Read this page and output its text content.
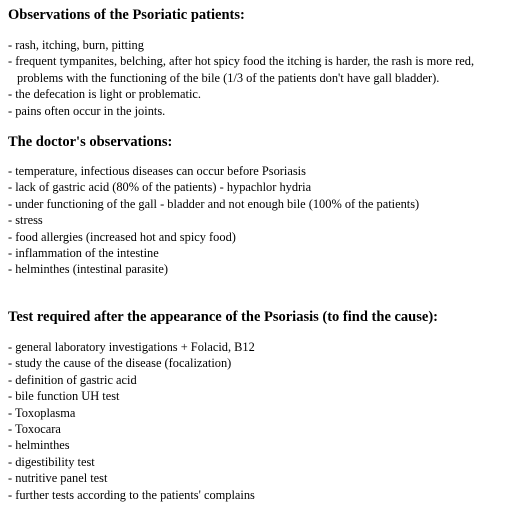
Observations of the Psoriatic patients:
- rash, itching, burn, pitting
- frequent tympanites, belching, after hot spicy food the itching is harder, the rash is more red,
problems with the functioning of the bile (1/3 of the patients don't have gall bladder).
- the defecation is light or problematic.
- pains often occur in the joints.
The doctor's observations:
- temperature, infectious diseases can occur before Psoriasis
- lack of gastric acid (80% of the patients) - hypachlor hydria
- under functioning of the gall - bladder and not enough bile (100% of the patients)
- stress
- food allergies (increased hot and spicy food)
- inflammation of the intestine
- helminthes (intestinal parasite)
Test required after the appearance of the Psoriasis (to find the cause):
- general laboratory investigations + Folacid, B12
- study the cause of the disease (focalization)
- definition of gastric acid
- bile function UH test
- Toxoplasma
- Toxocara
- helminthes
- digestibility test
- nutritive panel test
- further tests according to the patients' complains
